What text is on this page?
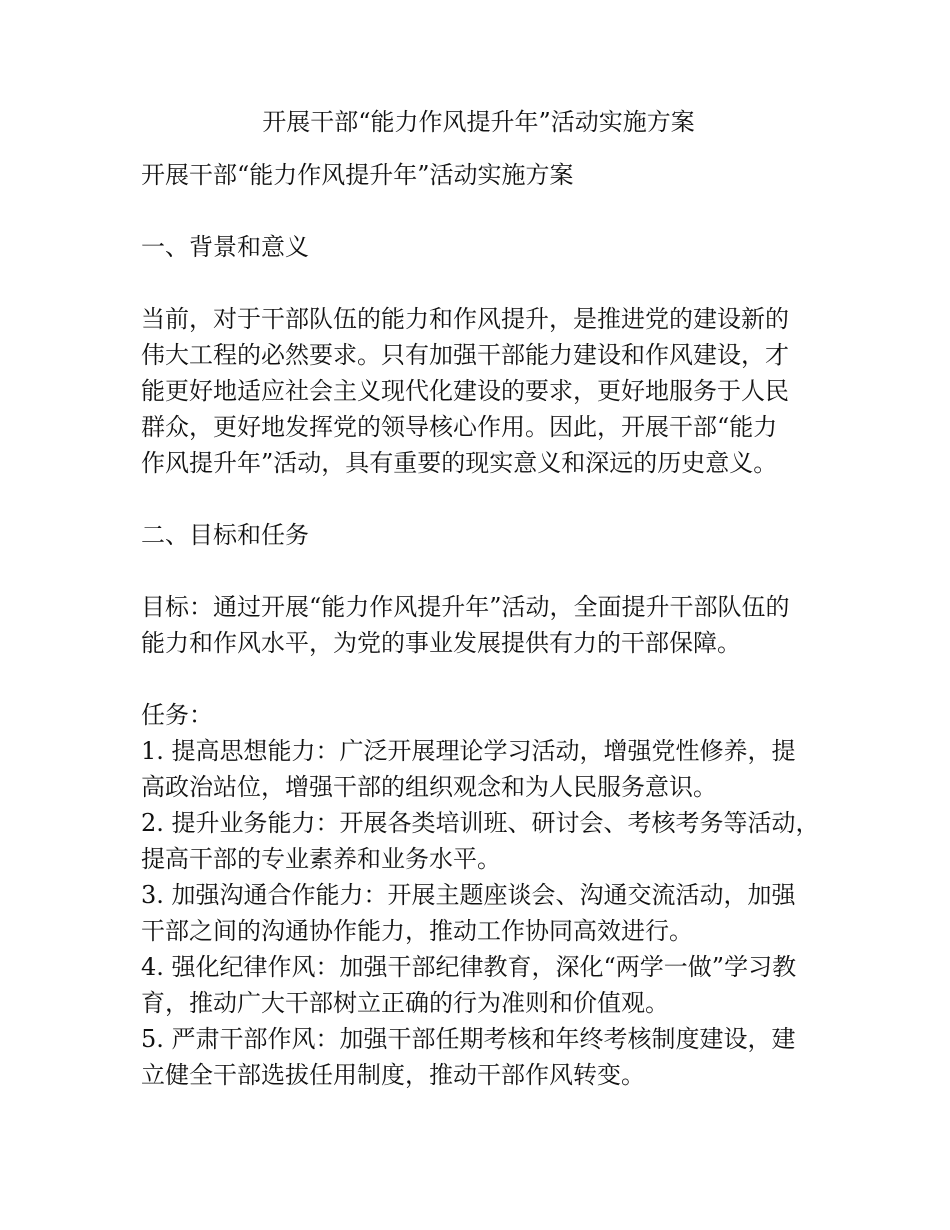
开展干部“能力作风提升年”活动实施方案
开展干部“能力作风提升年”活动实施方案
一、背景和意义
当前，对于干部队伍的能力和作风提升，是推进党的建设新的
伟大工程的必然要求。只有加强干部能力建设和作风建设，才
能更好地适应社会主义现代化建设的要求，更好地服务于人民
群众，更好地发挥党的领导核心作用。因此，开展干部“能力
作风提升年”活动，具有重要的现实意义和深远的历史意义。
二、目标和任务
目标：通过开展“能力作风提升年”活动，全面提升干部队伍的
能力和作风水平，为党的事业发展提供有力的干部保障。
任务：
1. 提高思想能力：广泛开展理论学习活动，增强党性修养，提
高政治站位，增强干部的组织观念和为人民服务意识。
2. 提升业务能力：开展各类培训班、研讨会、考核考务等活动，
提高干部的专业素养和业务水平。
3. 加强沟通合作能力：开展主题座谈会、沟通交流活动，加强
干部之间的沟通协作能力，推动工作协同高效进行。
4. 强化纪律作风：加强干部纪律教育，深化“两学一做”学习教
育，推动广大干部树立正确的行为准则和价值观。
5. 严肃干部作风：加强干部任期考核和年终考核制度建设，建
立健全干部选拔任用制度，推动干部作风转变。
